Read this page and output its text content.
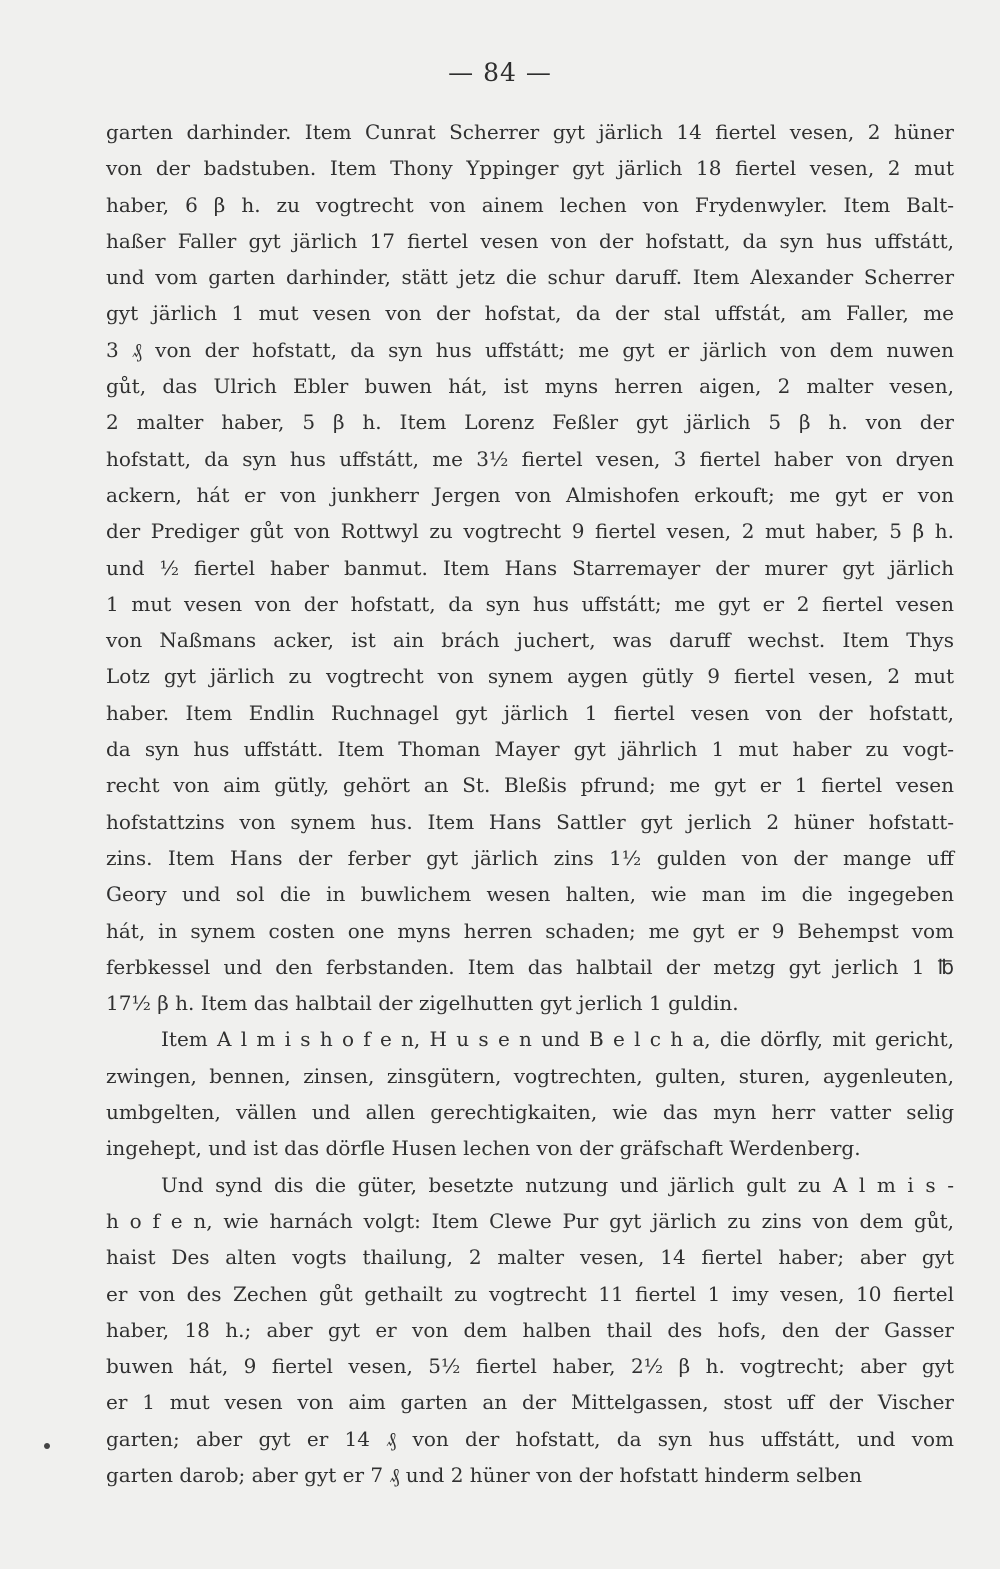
— 84 —
garten darhinder. Item Cunrat Scherrer gyt järlich 14 fiertel vesen, 2 hüner
von der badstuben. Item Thony Yppinger gyt järlich 18 fiertel vesen, 2 mut
haber, 6 β h. zu vogtrecht von ainem lechen von Frydenwyler. Item Balt-
haßer Faller gyt järlich 17 fiertel vesen von der hofstatt, da syn hus uffstátt,
und vom garten darhinder, stätt jetz die schur daruff. Item Alexander Scherrer
gyt järlich 1 mut vesen von der hofstat, da der stal uffstát, am Faller, me
3 ₰ von der hofstatt, da syn hus uffstátt; me gyt er järlich von dem nuwen
gůt, das Ulrich Ebler buwen hát, ist myns herren aigen, 2 malter vesen,
2 malter haber, 5 β h. Item Lorenz Feßler gyt järlich 5 β h. von der
hofstatt, da syn hus uffstátt, me 3½ fiertel vesen, 3 fiertel haber von dryen
ackern, hát er von junkherr Jergen von Almishofen erkouft; me gyt er von
der Prediger gůt von Rottwyl zu vogtrecht 9 fiertel vesen, 2 mut haber, 5 β h.
und ½ fiertel haber banmut. Item Hans Starremayer der murer gyt järlich
1 mut vesen von der hofstatt, da syn hus uffstátt; me gyt er 2 fiertel vesen
von Naßmans acker, ist ain brách juchert, was daruff wechst. Item Thys
Lotz gyt järlich zu vogtrecht von synem aygen gütly 9 fiertel vesen, 2 mut
haber. Item Endlin Ruchnagel gyt järlich 1 fiertel vesen von der hofstatt,
da syn hus uffstátt. Item Thoman Mayer gyt jährlich 1 mut haber zu vogt-
recht von aim gütly, gehört an St. Bleßis pfrund; me gyt er 1 fiertel vesen
hofstattzins von synem hus. Item Hans Sattler gyt jerlich 2 hüner hofstatt-
zins. Item Hans der ferber gyt järlich zins 1½ gulden von der mange uff
Geory und sol die in buwlichem wesen halten, wie man im die ingegeben
hát, in synem costen one myns herren schaden; me gyt er 9 Behempst vom
ferbkessel und den ferbstanden. Item das halbtail der metzg gyt jerlich 1 ℔
17½ β h. Item das halbtail der zigelhutten gyt jerlich 1 guldin.
Item A l m i s h o f e n, H u s e n und B e l c h a, die dörfly, mit gericht,
zwingen, bennen, zinsen, zinsgütern, vogtrechten, gulten, sturen, aygenleuten,
umbgelten, vällen und allen gerechtigkaiten, wie das myn herr vatter selig
ingehept, und ist das dörfle Husen lechen von der gräfschaft Werdenberg.
Und synd dis die güter, besetzte nutzung und järlich gult zu A l m i s -
h o f e n, wie harnách volgt: Item Clewe Pur gyt järlich zu zins von dem gůt,
haist Des alten vogts thailung, 2 malter vesen, 14 fiertel haber; aber gyt
er von des Zechen gůt gethailt zu vogtrecht 11 fiertel 1 imy vesen, 10 fiertel
haber, 18 h.; aber gyt er von dem halben thail des hofs, den der Gasser
buwen hát, 9 fiertel vesen, 5½ fiertel haber, 2½ β h. vogtrecht; aber gyt
er 1 mut vesen von aim garten an der Mittelgassen, stost uff der Vischer
garten; aber gyt er 14 ₰ von der hofstatt, da syn hus uffstátt, und vom
garten darob; aber gyt er 7 ₰ und 2 hüner von der hofstatt hinderm selben
